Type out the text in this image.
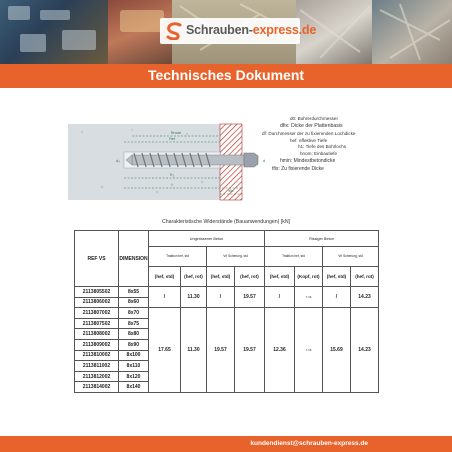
Schrauben-express.de
Technisches Dokument
ℎef
ℎnom
ℎ₁
t
tfix
d₀	d
d0: Bohrerdurchmesser
dfix: Dicke der Plattenbasis
df: Durchmesser der zu fixierenden Lochdicke
hef: effektive Tiefe
h1: Tiefe des Bohrlochs
hnom: Einbautiefe
hmin: Mindestbetondicke
tfix: Zu fixierende Dicke
Charakteristische Widerstände (Bauanwendungen) [kN]
REF VS	DIMENSION	Ungerissener Beton				Rissiger Beton			
		Traktion hef, std		VrI Scherung, std		Traktion hef, std		VrI Scherung, std	
		(hef, std)	(hef, rot)	(hef, std)	(hef, rot)	(hef, std)	(Kopf, rot)	(hef, std)	(hef, rot)
2113805502	8x55	/	11.30	/	19.57	/	7.16	/	14.23
2113806002	8x60								
2113807002	8x70	17.65	11.30	19.57	19.57	12.36	7.16	15.69	14.23
2113807502	8x75								
2113808002	8x80								
2113809002	8x90								
2113810002	8x100								
2113811002	8x110								
2113812002	8x120								
2113814002	8x140								
kundendienst@schrauben-express.de
